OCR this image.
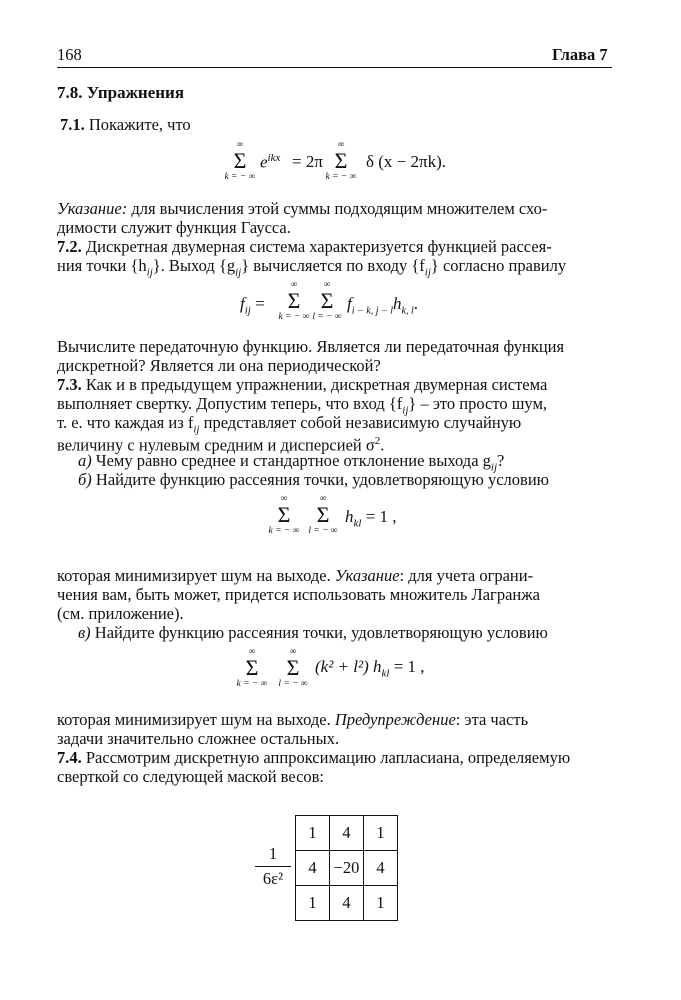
168	Глава 7
7.8. Упражнения
7.1. Покажите, что
∞
Σ
k = − ∞
$e^{ikx} = 2\pi$
∞
Σ
k = − ∞
δ (x − 2πk).
Указание: для вычисления этой суммы подходящим множителем схо-
димости служит функция Гаусса.
7.2. Дискретная двумерная система характеризуется функцией рассея-
ния точки $\{h_{ij}\}$. Выход $\{g_{ij}\}$ вычисляется по входу $\{f_{ij}\}$ согласно правилу
$f_{ij}$ =
∞
Σ
k = − ∞
∞
Σ
l = − ∞
$f_{i - k, j - l}h_{k, l}$.
Вычислите передаточную функцию. Является ли передаточная функция
дискретной? Является ли она периодической?
7.3. Как и в предыдущем упражнении, дискретная двумерная система
выполняет свертку. Допустим теперь, что вход $\{f_{ij}\}$ – это просто шум,
т. е. что каждая из $f_{ij}$ представляет собой независимую случайную
величину с нулевым средним и дисперсией $\sigma^2$.
а) Чему равно среднее и стандартное отклонение выхода $g_{ij}$?
б) Найдите функцию рассеяния точки, удовлетворяющую условию
∞
Σ
k = − ∞
∞
Σ
l = − ∞
$h_{kl} = 1$ ,
которая минимизирует шум на выходе. Указание: для учета ограни-
чения вам, быть может, придется использовать множитель Лагранжа
(см. приложение).
в) Найдите функцию рассеяния точки, удовлетворяющую условию
∞
Σ
k = − ∞
∞
Σ
l = − ∞
(k² + l²) $h_{kl} = 1$ ,
которая минимизирует шум на выходе. Предупреждение: эта часть
задачи значительно сложнее остальных.
7.4. Рассмотрим дискретную аппроксимацию лапласиана, определяемую
сверткой со следующей маской весов:
1
6ε²
1	4	1
4	−20	4
1	4	1
